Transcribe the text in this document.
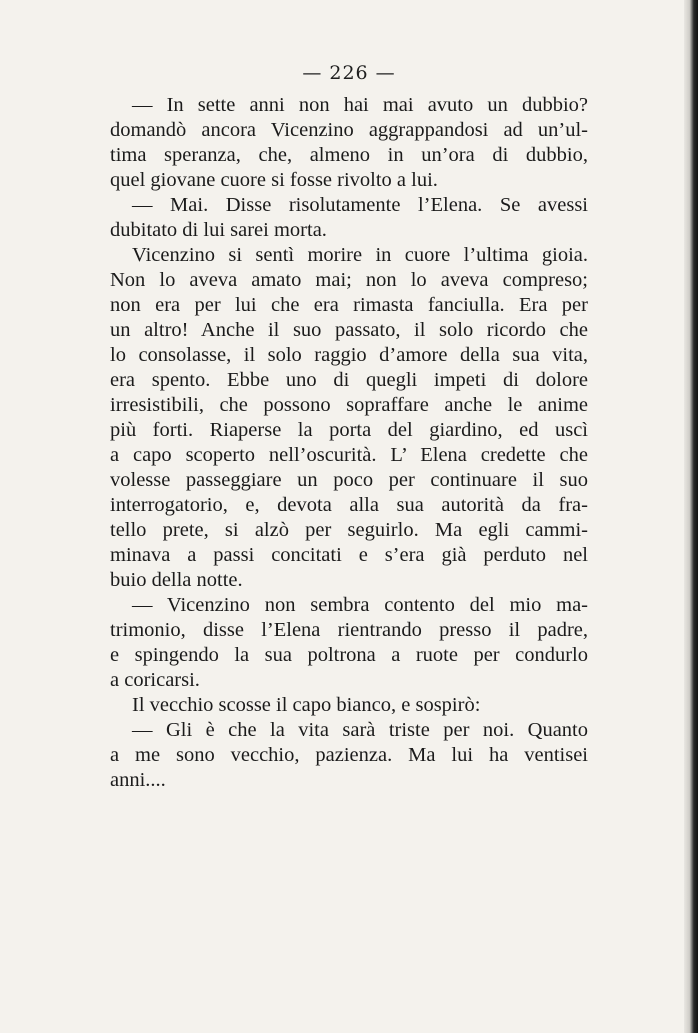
— 226 —
— In sette anni non hai mai avuto un dubbio?
domandò ancora Vicenzino aggrappandosi ad un’ul-
tima speranza, che, almeno in un’ora di dubbio,
quel giovane cuore si fosse rivolto a lui.
— Mai. Disse risolutamente l’Elena. Se avessi
dubitato di lui sarei morta.
Vicenzino si sentì morire in cuore l’ultima gioia.
Non lo aveva amato mai; non lo aveva compreso;
non era per lui che era rimasta fanciulla. Era per
un altro! Anche il suo passato, il solo ricordo che
lo consolasse, il solo raggio d’amore della sua vita,
era spento. Ebbe uno di quegli impeti di dolore
irresistibili, che possono sopraffare anche le anime
più forti. Riaperse la porta del giardino, ed uscì
a capo scoperto nell’oscurità. L’ Elena credette che
volesse passeggiare un poco per continuare il suo
interrogatorio, e, devota alla sua autorità da fra-
tello prete, si alzò per seguirlo. Ma egli cammi-
minava a passi concitati e s’era già perduto nel
buio della notte.
— Vicenzino non sembra contento del mio ma-
trimonio, disse l’Elena rientrando presso il padre,
e spingendo la sua poltrona a ruote per condurlo
a coricarsi.
Il vecchio scosse il capo bianco, e sospirò:
— Gli è che la vita sarà triste per noi. Quanto
a me sono vecchio, pazienza. Ma lui ha ventisei
anni....
